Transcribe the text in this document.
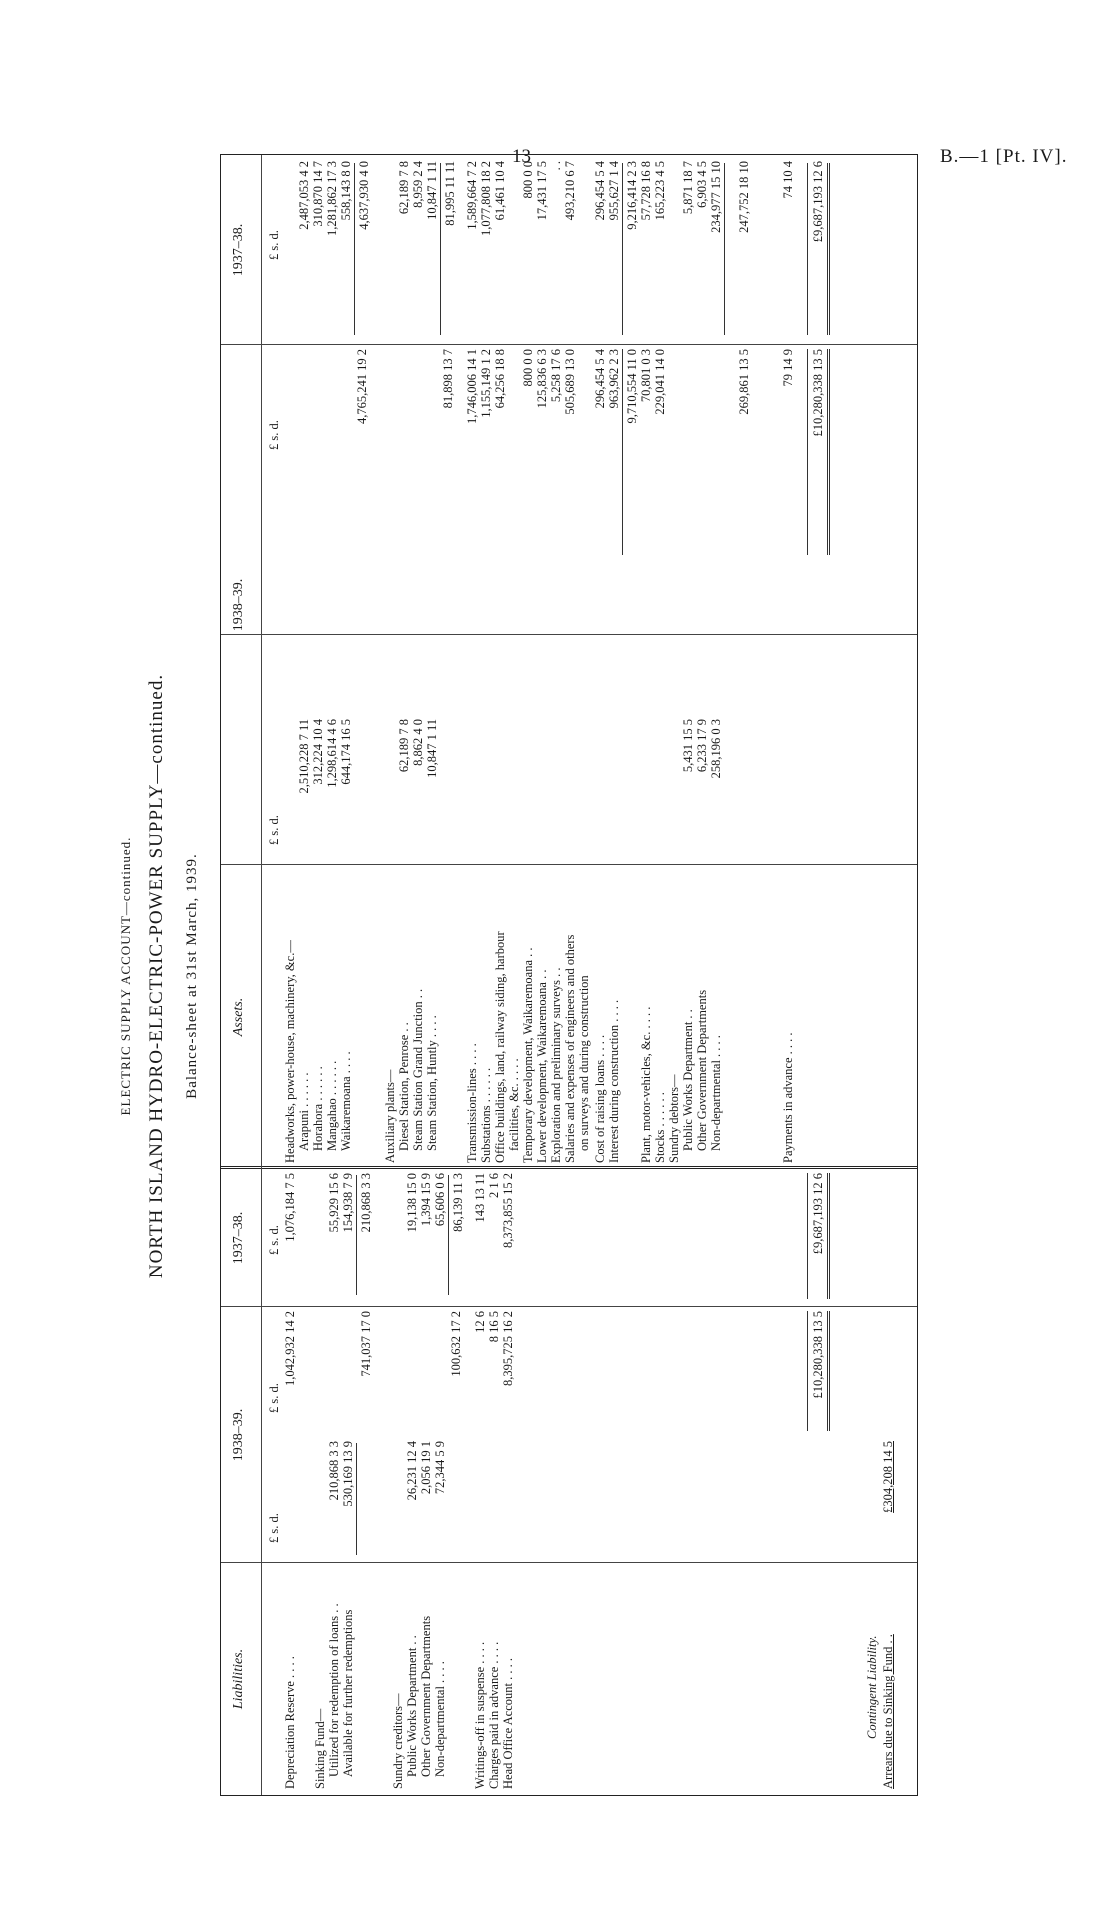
13	B.—1 [Pt. IV].
ELECTRIC SUPPLY ACCOUNT—continued. NORTH ISLAND HYDRO-ELECTRIC-POWER SUPPLY—continued. Balance-sheet at 31st March, 1939.
Liabilities.
1938–39.
1937–38.
Assets.
1938–39.
1937–38.
£ s. d.
£ s. d.
£ s. d.
£ s. d.
£ s. d.
£ s. d.
Depreciation Reserve . . . .
1,042,932 14 2
1,076,184 7 5
Sinking Fund— Utilized for redemption of loans . .
210,868 3 3
55,929 15 6
Available for further redemptions
530,169 13 9
154,938 7 9
741,037 17 0
210,868 3 3
Sundry creditors— Public Works Department . .
26,231 12 4
19,138 15 0
Other Government Departments
2,056 19 1
1,394 15 9
Non-departmental . . . .
72,344 5 9
65,606 0 6
100,632 17 2
86,139 11 3
Writings-off in suspense . . . .
12 6
143 13 11
Charges paid in advance . . . .
8 16 5
2 1 6
Head Office Account . . . .
8,395,725 16 2
8,373,855 15 2
£10,280,338 13 5
£9,687,193 12 6
Contingent Liability. Arrears due to Sinking Fund . .
£304,208 14 5
Headworks, power-house, machinery, &c.— Arapuni . . . . . .
2,510,228 7 11
2,487,053 4 2
Horahora . . . . . .
312,224 10 4
310,870 14 7
Mangahao . . . . . .
1,298,614 4 6
1,281,862 17 3
Waikaremoana . . . .
644,174 16 5
558,143 8 0
4,765,241 19 2
4,637,930 4 0
Auxiliary plants— Diesel Station, Penrose . .
62,189 7 8
62,189 7 8
Steam Station Grand Junction . .
8,862 4 0
8,959 2 4
Steam Station, Huntly . . . .
10,847 1 11
10,847 1 11
81,898 13 7
81,995 11 11
Transmission-lines . . . .
1,746,006 14 1
1,589,664 7 2
Substations . . . . . .
1,155,149 1 2
1,077,808 18 2
Office buildings, land, railway siding, harbour facilities, &c. . . . .
64,256 18 8
61,461 10 4
Temporary development, Waikaremoana . .
800 0 0
800 0 0
Lower development, Waikaremoana . .
125,836 6 3
17,431 17 5
Exploration and preliminary surveys . .
5,258 17 6
. .
Salaries and expenses of engineers and others on surveys and during construction
505,689 13 0
493,210 6 7
Cost of raising loans . . . .
296,454 5 4
296,454 5 4
Interest during construction . . . .
963,962 2 3
955,627 1 4
9,710,554 11 0
9,216,414 2 3
Plant, motor-vehicles, &c. . . . .
70,801 0 3
57,728 16 8
Stocks . . . . . .
229,041 14 0
165,223 4 5
Sundry debtors— Public Works Department . .
5,431 15 5
5,871 18 7
Other Government Departments
6,233 17 9
6,903 4 5
Non-departmental . . . .
258,196 0 3
234,977 15 10
269,861 13 5
247,752 18 10
Payments in advance . . . .
79 14 9
74 10 4
£10,280,338 13 5
£9,687,193 12 6
